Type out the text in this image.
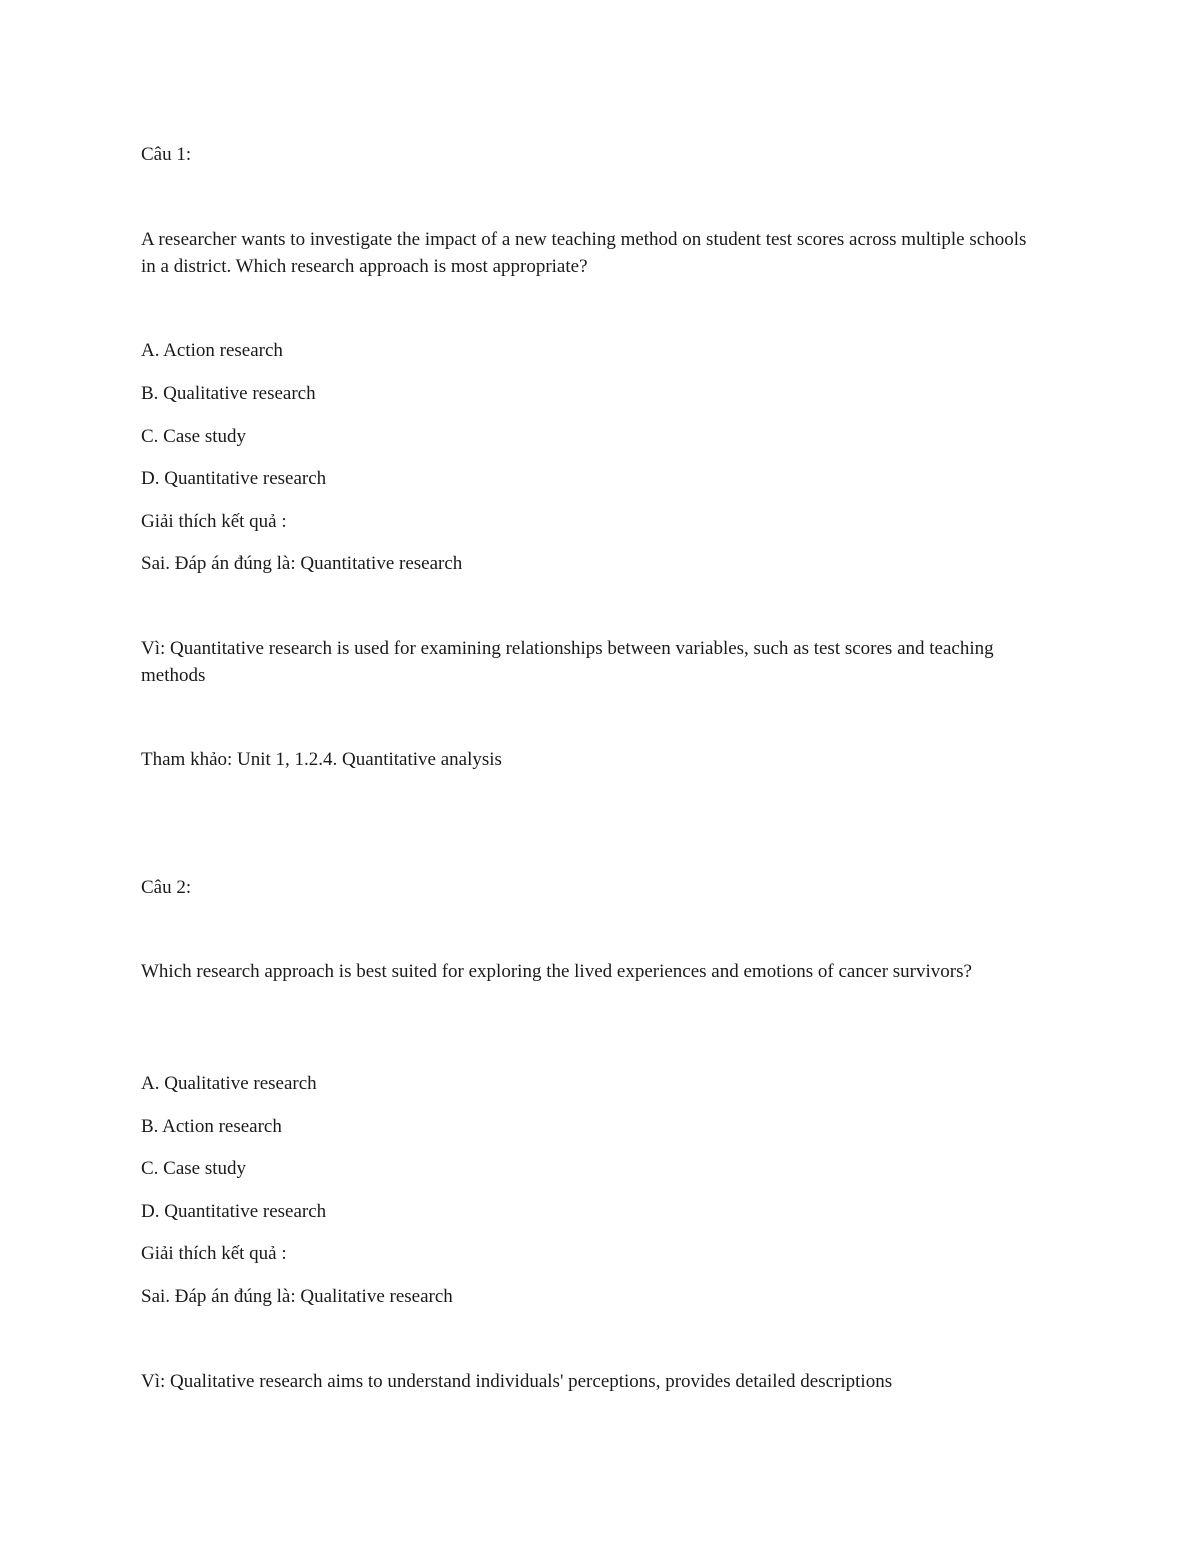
Câu 1:
A researcher wants to investigate the impact of a new teaching method on student test scores across multiple schools in a district. Which research approach is most appropriate?
A. Action research
B. Qualitative research
C. Case study
D. Quantitative research
Giải thích kết quả :
Sai. Đáp án đúng là: Quantitative research
Vì: Quantitative research is used for examining relationships between variables, such as test scores and teaching methods
Tham khảo: Unit 1, 1.2.4. Quantitative analysis
Câu 2:
Which research approach is best suited for exploring the lived experiences and emotions of cancer survivors?
A. Qualitative research
B. Action research
C. Case study
D. Quantitative research
Giải thích kết quả :
Sai. Đáp án đúng là: Qualitative research
Vì: Qualitative research aims to understand individuals' perceptions, provides detailed descriptions
